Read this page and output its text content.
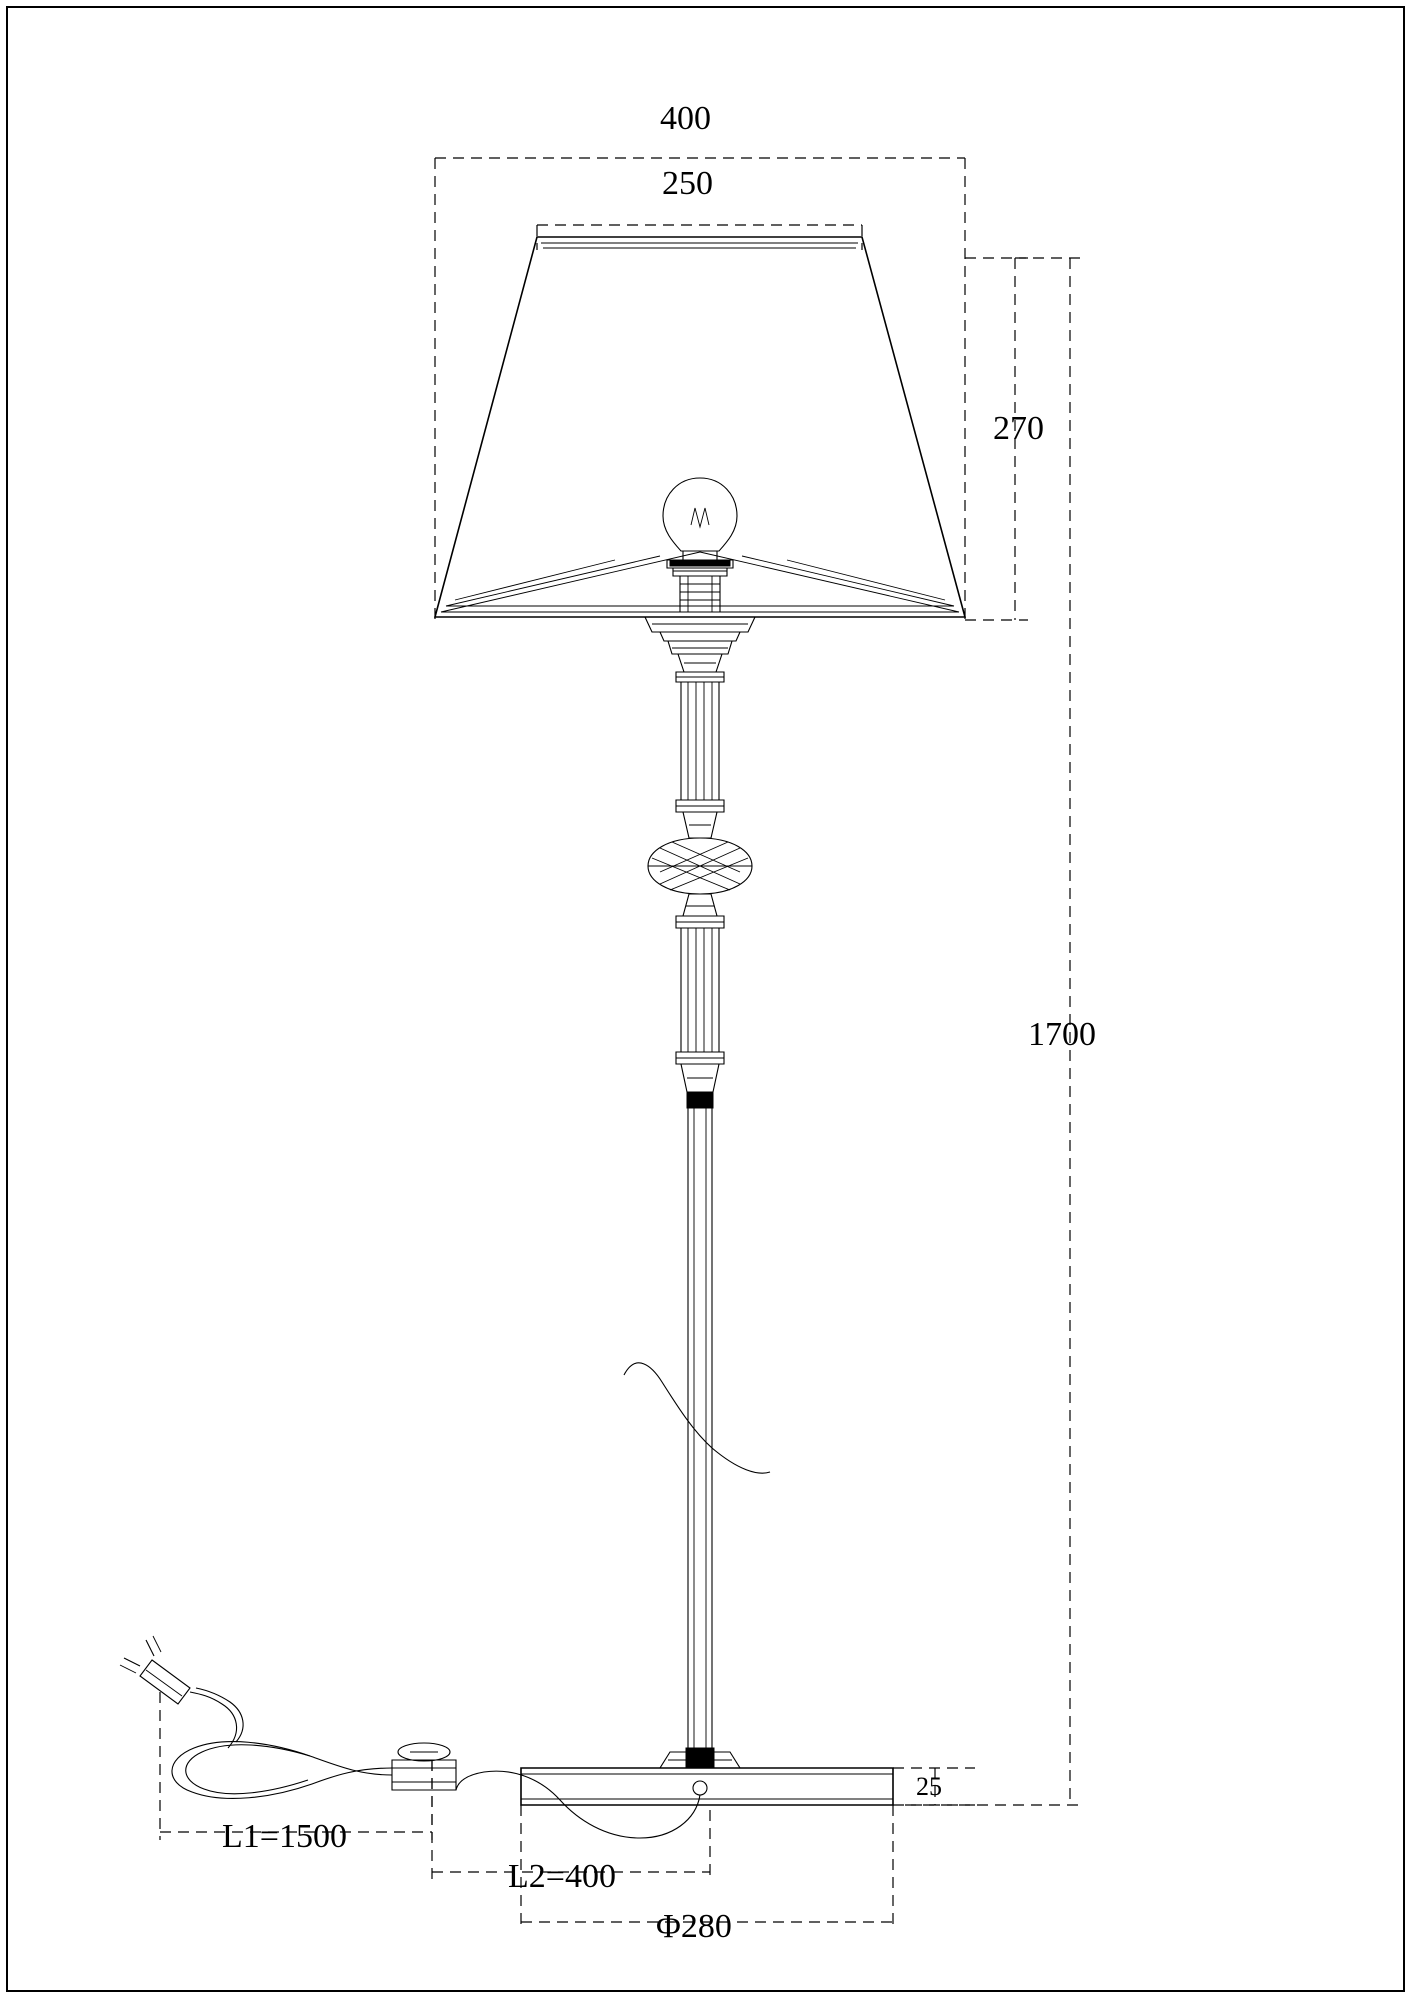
400
250
270
1700
25
Φ280
L2=400
L1=1500
